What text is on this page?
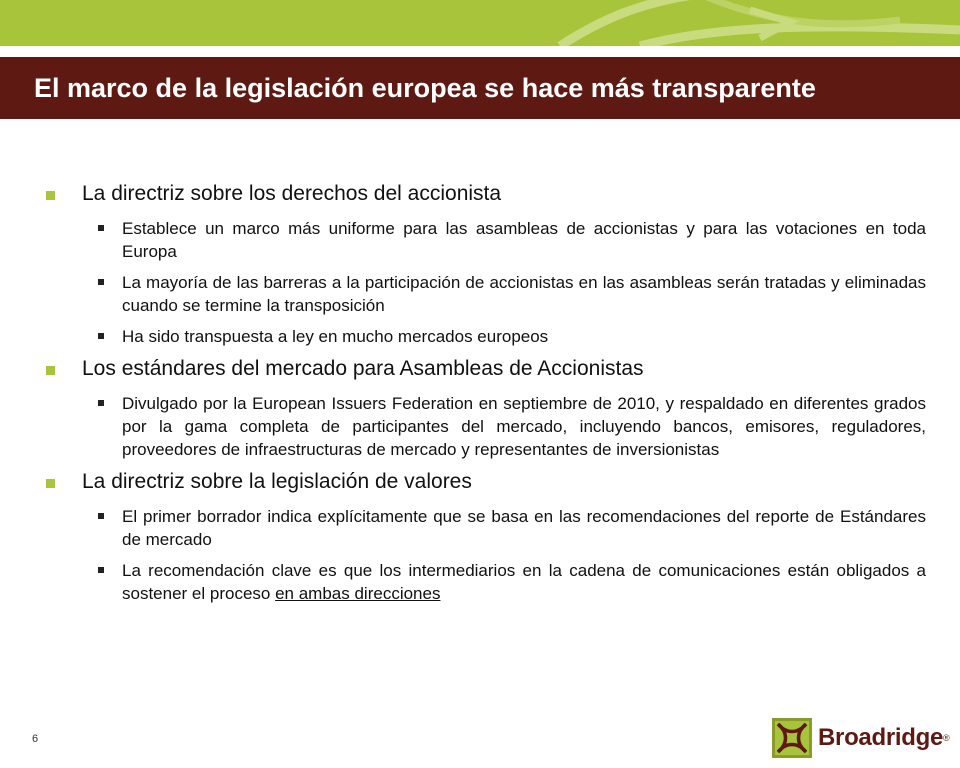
El marco de la legislación europea se hace más transparente
La directriz sobre los derechos del accionista
Establece un marco más uniforme para las asambleas de accionistas y para las votaciones en toda Europa
La mayoría de las barreras a la participación de accionistas en las asambleas serán tratadas y eliminadas cuando se termine la transposición
Ha sido transpuesta a ley en mucho mercados europeos
Los estándares del mercado para Asambleas de Accionistas
Divulgado por la European Issuers Federation en septiembre de 2010, y respaldado en diferentes grados por la gama completa de participantes del mercado, incluyendo bancos, emisores, reguladores, proveedores de infraestructuras de mercado y representantes de inversionistas
La directriz sobre la legislación de valores
El primer borrador indica explícitamente que se basa en las recomendaciones del reporte de Estándares de mercado
La recomendación clave es que los intermediarios en la cadena de comunicaciones están obligados a sostener el proceso en ambas direcciones
6	Broadridge ®
